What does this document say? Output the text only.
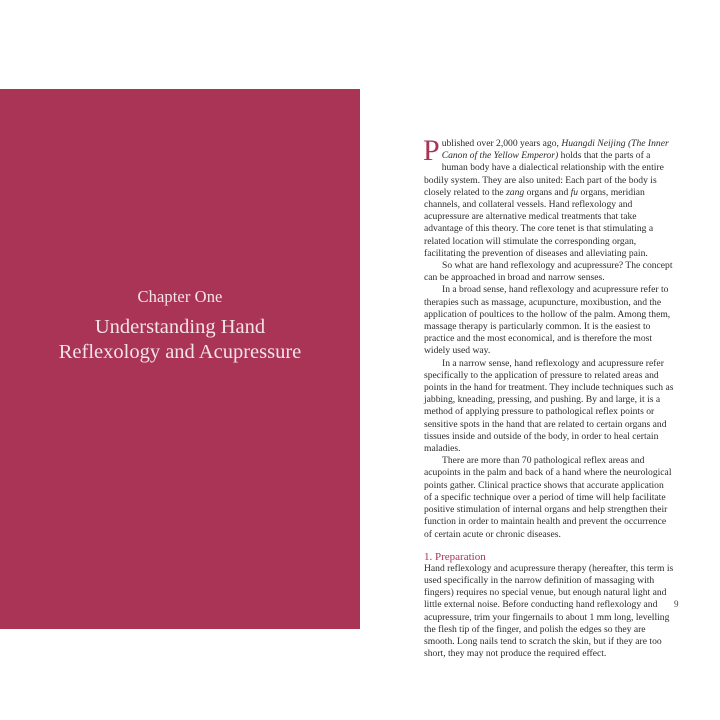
Chapter One
Understanding Hand
Reflexology and Acupressure

Published over 2,000 years ago, Huangdi Neijing (The Inner Canon of the Yellow Emperor) holds that the parts of a human body have a dialectical relationship with the entire bodily system. They are also united: Each part of the body is closely related to the zang organs and fu organs, meridian channels, and collateral vessels. Hand reflexology and acupressure are alternative medical treatments that take advantage of this theory. The core tenet is that stimulating a related location will stimulate the corresponding organ, facilitating the prevention of diseases and alleviating pain.

So what are hand reflexology and acupressure? The concept can be approached in broad and narrow senses.

In a broad sense, hand reflexology and acupressure refer to therapies such as massage, acupuncture, moxibustion, and the application of poultices to the hollow of the palm. Among them, massage therapy is particularly common. It is the easiest to practice and the most economical, and is therefore the most widely used way.

In a narrow sense, hand reflexology and acupressure refer specifically to the application of pressure to related areas and points in the hand for treatment. They include techniques such as jabbing, kneading, pressing, and pushing. By and large, it is a method of applying pressure to pathological reflex points or sensitive spots in the hand that are related to certain organs and tissues inside and outside of the body, in order to heal certain maladies.

There are more than 70 pathological reflex areas and acupoints in the palm and back of a hand where the neurological points gather. Clinical practice shows that accurate application of a specific technique over a period of time will help facilitate positive stimulation of internal organs and help strengthen their function in order to maintain health and prevent the occurrence of certain acute or chronic diseases.

1. Preparation

Hand reflexology and acupressure therapy (hereafter, this term is used specifically in the narrow definition of massaging with fingers) requires no special venue, but enough natural light and little external noise. Before conducting hand reflexology and acupressure, trim your fingernails to about 1 mm long, levelling the flesh tip of the finger, and polish the edges so they are smooth. Long nails tend to scratch the skin, but if they are too short, they may not produce the required effect.

9
